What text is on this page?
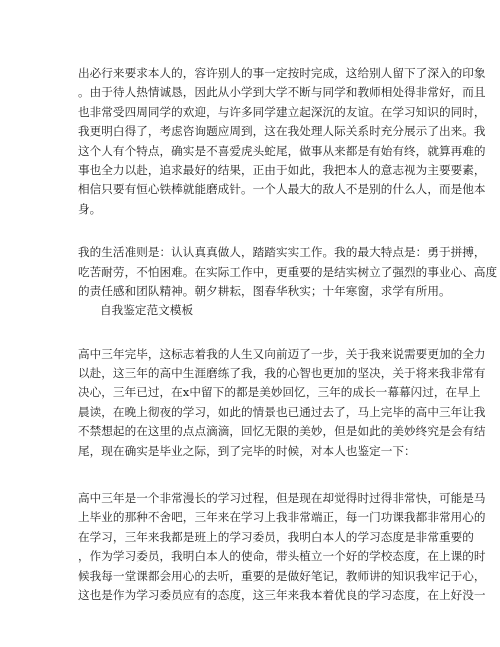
出必行来要求本人的，容许别人的事一定按时完成，这给别人留下了深入的印象
。由于待人热情诚恳，因此从小学到大学不断与同学和教师相处得非常好，而且
也非常受四周同学的欢迎，与许多同学建立起深沉的友谊。在学习知识的同时，
我更明白得了，考虑咨询题应周到，这在我处理人际关系时充分展示了出来。我
这个人有个特点，确实是不喜爱虎头蛇尾，做事从来都是有始有终，就算再难的
事也全力以赴，追求最好的结果，正由于如此，我把本人的意志视为主要要素，
相信只要有恒心铁棒就能磨成针。一个人最大的敌人不是别的什么人，而是他本
身。
我的生活准则是：认认真真做人，踏踏实实工作。我的最大特点是：勇于拼搏，
吃苦耐劳，不怕困难。在实际工作中，更重要的是结实树立了强烈的事业心、高度
的责任感和团队精神。朝夕耕耘，图春华秋实；十年寒窗，求学有所用。
自我鉴定范文模板
高中三年完毕，这标志着我的人生又向前迈了一步，关于我来说需要更加的全力
以赴，这三年的高中生涯磨练了我，我的心智也更加的坚决，关于将来我非常有
决心，三年已过，在x中留下的都是美妙回忆，三年的成长一幕幕闪过，在早上
晨读，在晚上彻夜的学习，如此的情景也已通过去了，马上完毕的高中三年让我
不禁想起的在这里的点点滴滴，回忆无限的美妙，但是如此的美妙终究是会有结
尾，现在确实是毕业之际，到了完毕的时候，对本人也鉴定一下：
高中三年是一个非常漫长的学习过程，但是现在却觉得时过得非常快，可能是马
上毕业的那种不舍吧，三年来在学习上我非常端正，每一门功课我都非常用心的
在学习，三年来我都是班上的学习委员，我明白本人的学习态度是非常重要的
，作为学习委员，我明白本人的使命，带头植立一个好的学校态度，在上课的时
候我每一堂课都会用心的去听，重要的是做好笔记，教师讲的知识我牢记于心，
这也是作为学习委员应有的态度，这三年来我本着优良的学习态度，在上好没一
